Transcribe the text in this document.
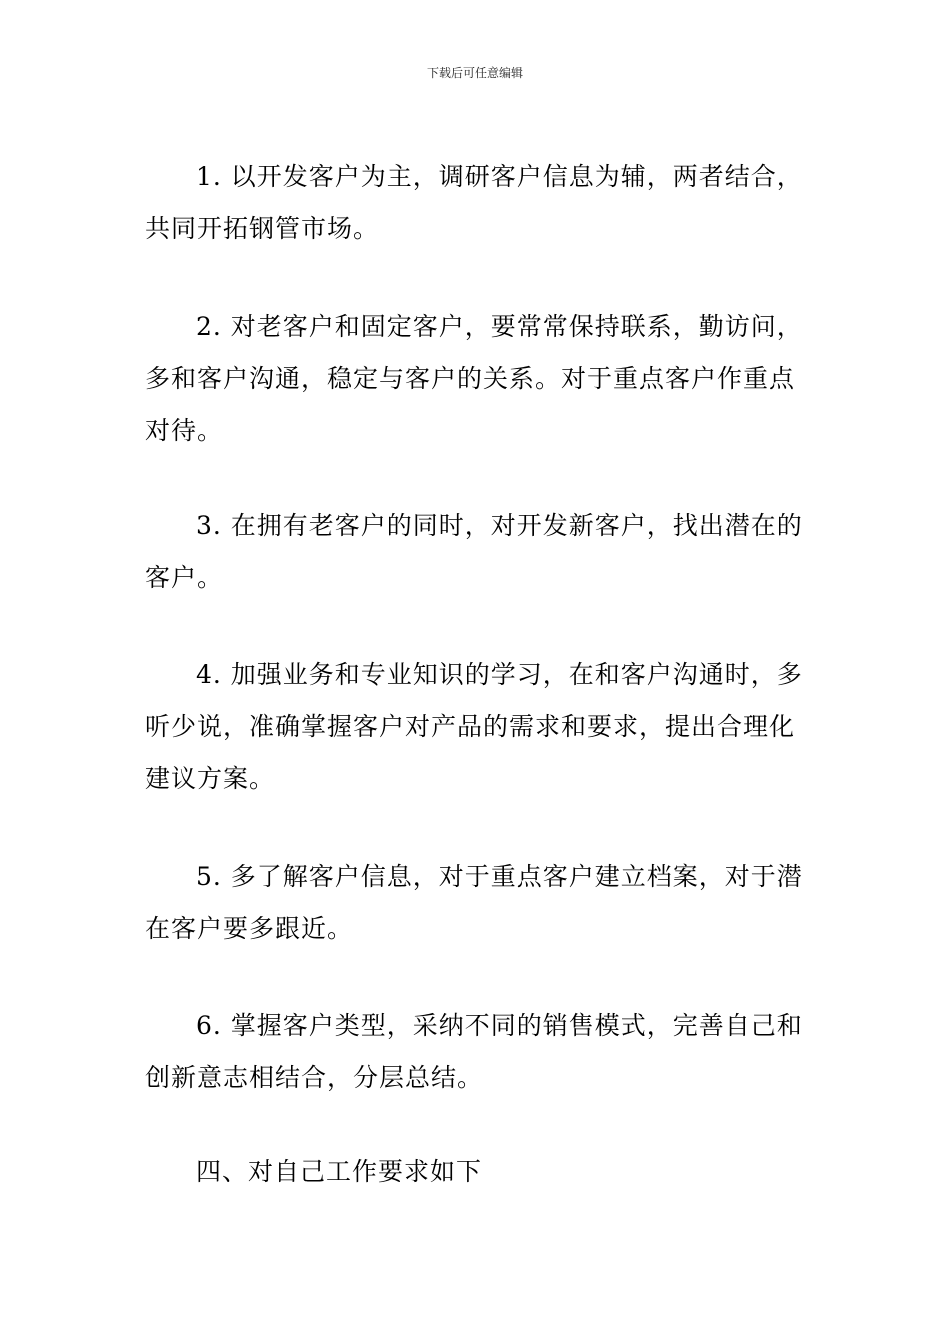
下载后可任意编辑

1. 以开发客户为主，调研客户信息为辅，两者结合，共同开拓钢管市场。

2. 对老客户和固定客户，要常常保持联系，勤访问，多和客户沟通，稳定与客户的关系。对于重点客户作重点对待。

3. 在拥有老客户的同时，对开发新客户，找出潜在的客户。

4. 加强业务和专业知识的学习，在和客户沟通时，多听少说，准确掌握客户对产品的需求和要求，提出合理化建议方案。

5. 多了解客户信息，对于重点客户建立档案，对于潜在客户要多跟近。

6. 掌握客户类型，采纳不同的销售模式，完善自己和创新意志相结合，分层总结。

四、对自己工作要求如下
